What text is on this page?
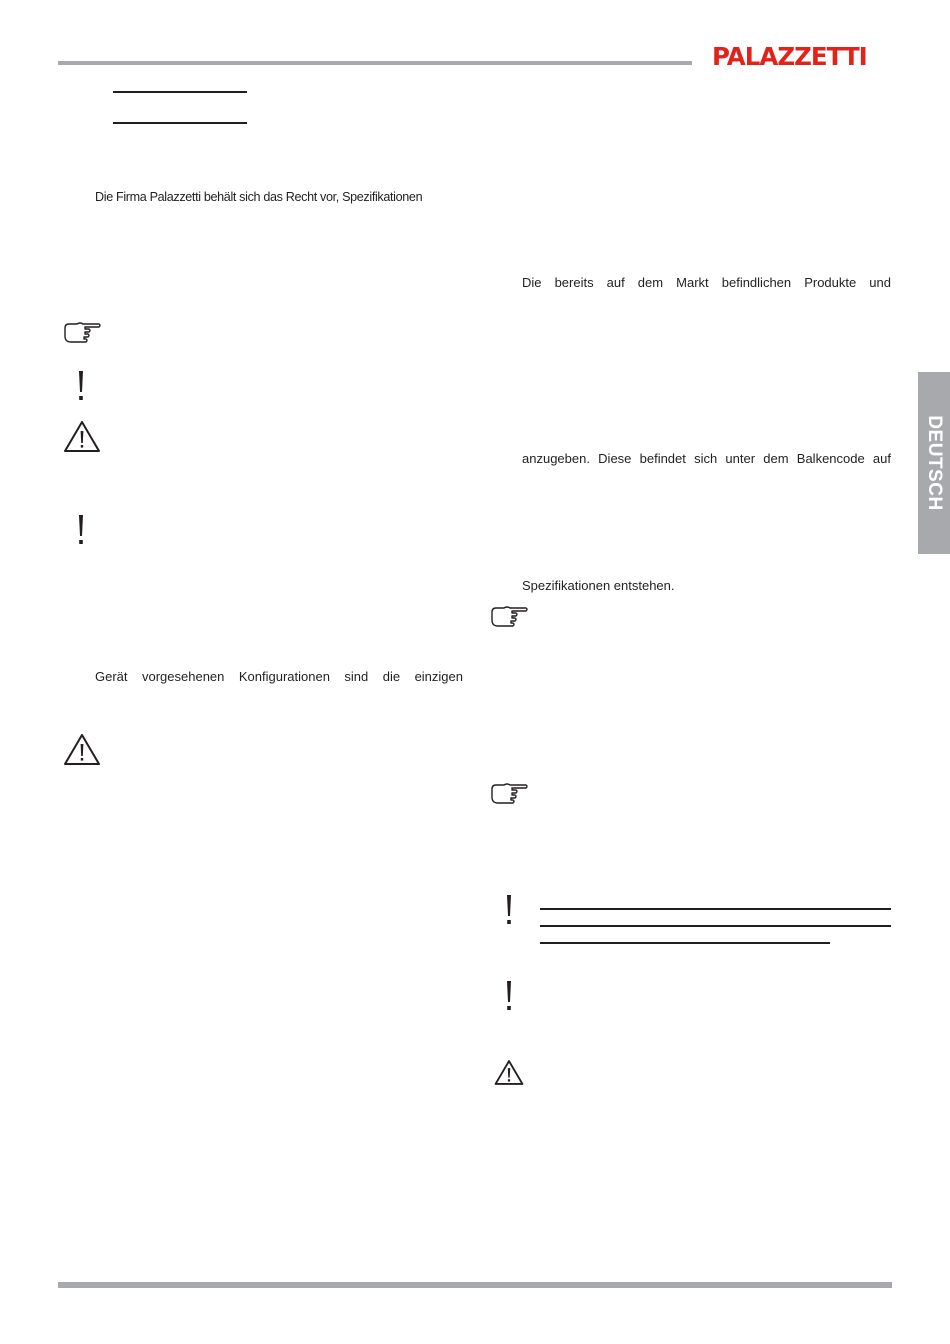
PALAZZETTI
DEUTSCH
Die Firma Palazzetti behält sich das Recht vor, Spezifikationen
Gerät vorgesehenen Konfigurationen sind die einzigen
Die bereits auf dem Markt befindlichen Produkte und
anzugeben. Diese befindet sich unter dem Balkencode auf
Spezifikationen entstehen.
